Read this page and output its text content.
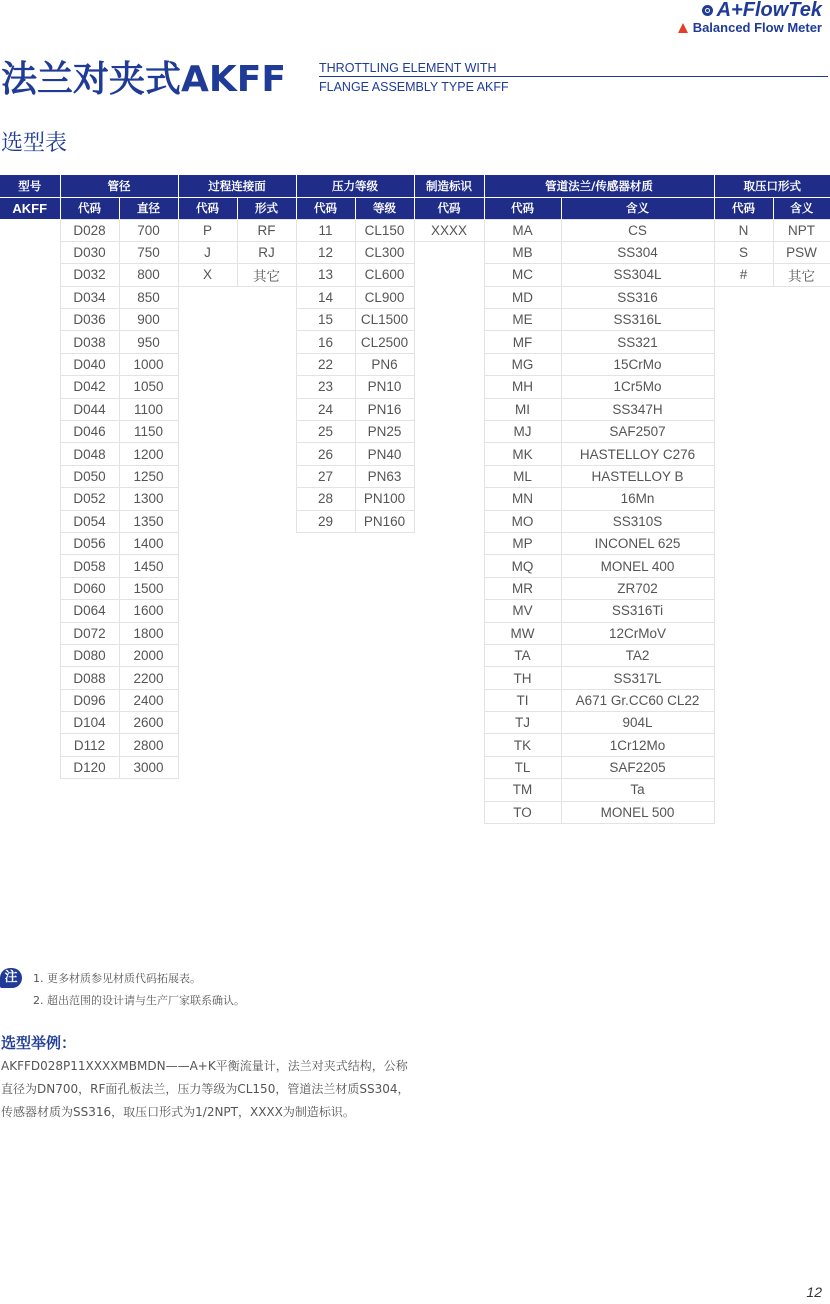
A+FlowTek
Balanced Flow Meter
法兰对夹式AKFF	THROTTLING ELEMENT WITH
FLANGE ASSEMBLY TYPE AKFF
选型表
型号	管径		过程连接面		压力等级		制造标识	管道法兰/传感器材质		取压口形式	
AKFF	代码	直径	代码	形式	代码	等级	代码	代码	含义	代码	含义
	D028	700	P	RF	11	CL150	XXXX	MA	CS	N	NPT
	D030	750	J	RJ	12	CL300		MB	SS304	S	PSW
	D032	800	X	其它	13	CL600		MC	SS304L	#	其它
	D034	850			14	CL900		MD	SS316		
	D036	900			15	CL1500		ME	SS316L		
	D038	950			16	CL2500		MF	SS321		
	D040	1000			22	PN6		MG	15CrMo		
	D042	1050			23	PN10		MH	1Cr5Mo		
	D044	1100			24	PN16		MI	SS347H		
	D046	1150			25	PN25		MJ	SAF2507		
	D048	1200			26	PN40		MK	HASTELLOY C276		
	D050	1250			27	PN63		ML	HASTELLOY B		
	D052	1300			28	PN100		MN	16Mn		
	D054	1350			29	PN160		MO	SS310S		
	D056	1400						MP	INCONEL 625		
	D058	1450						MQ	MONEL 400		
	D060	1500						MR	ZR702		
	D064	1600						MV	SS316Ti		
	D072	1800						MW	12CrMoV		
	D080	2000						TA	TA2		
	D088	2200						TH	SS317L		
	D096	2400						TI	A671 Gr.CC60 CL22		
	D104	2600						TJ	904L		
	D112	2800						TK	1Cr12Mo		
	D120	3000						TL	SAF2205		
								TM	Ta		
								TO	MONEL 500		
注	1. 更多材质参见材质代码拓展表。
2. 超出范围的设计请与生产厂家联系确认。
选型举例：
AKFFD028P11XXXXMBMDN——A+K平衡流量计，法兰对夹式结构，公称直径为DN700，RF面孔板法兰，压力等级为CL150，管道法兰材质SS304，传感器材质为SS316，取压口形式为1/2NPT，XXXX为制造标识。
12
